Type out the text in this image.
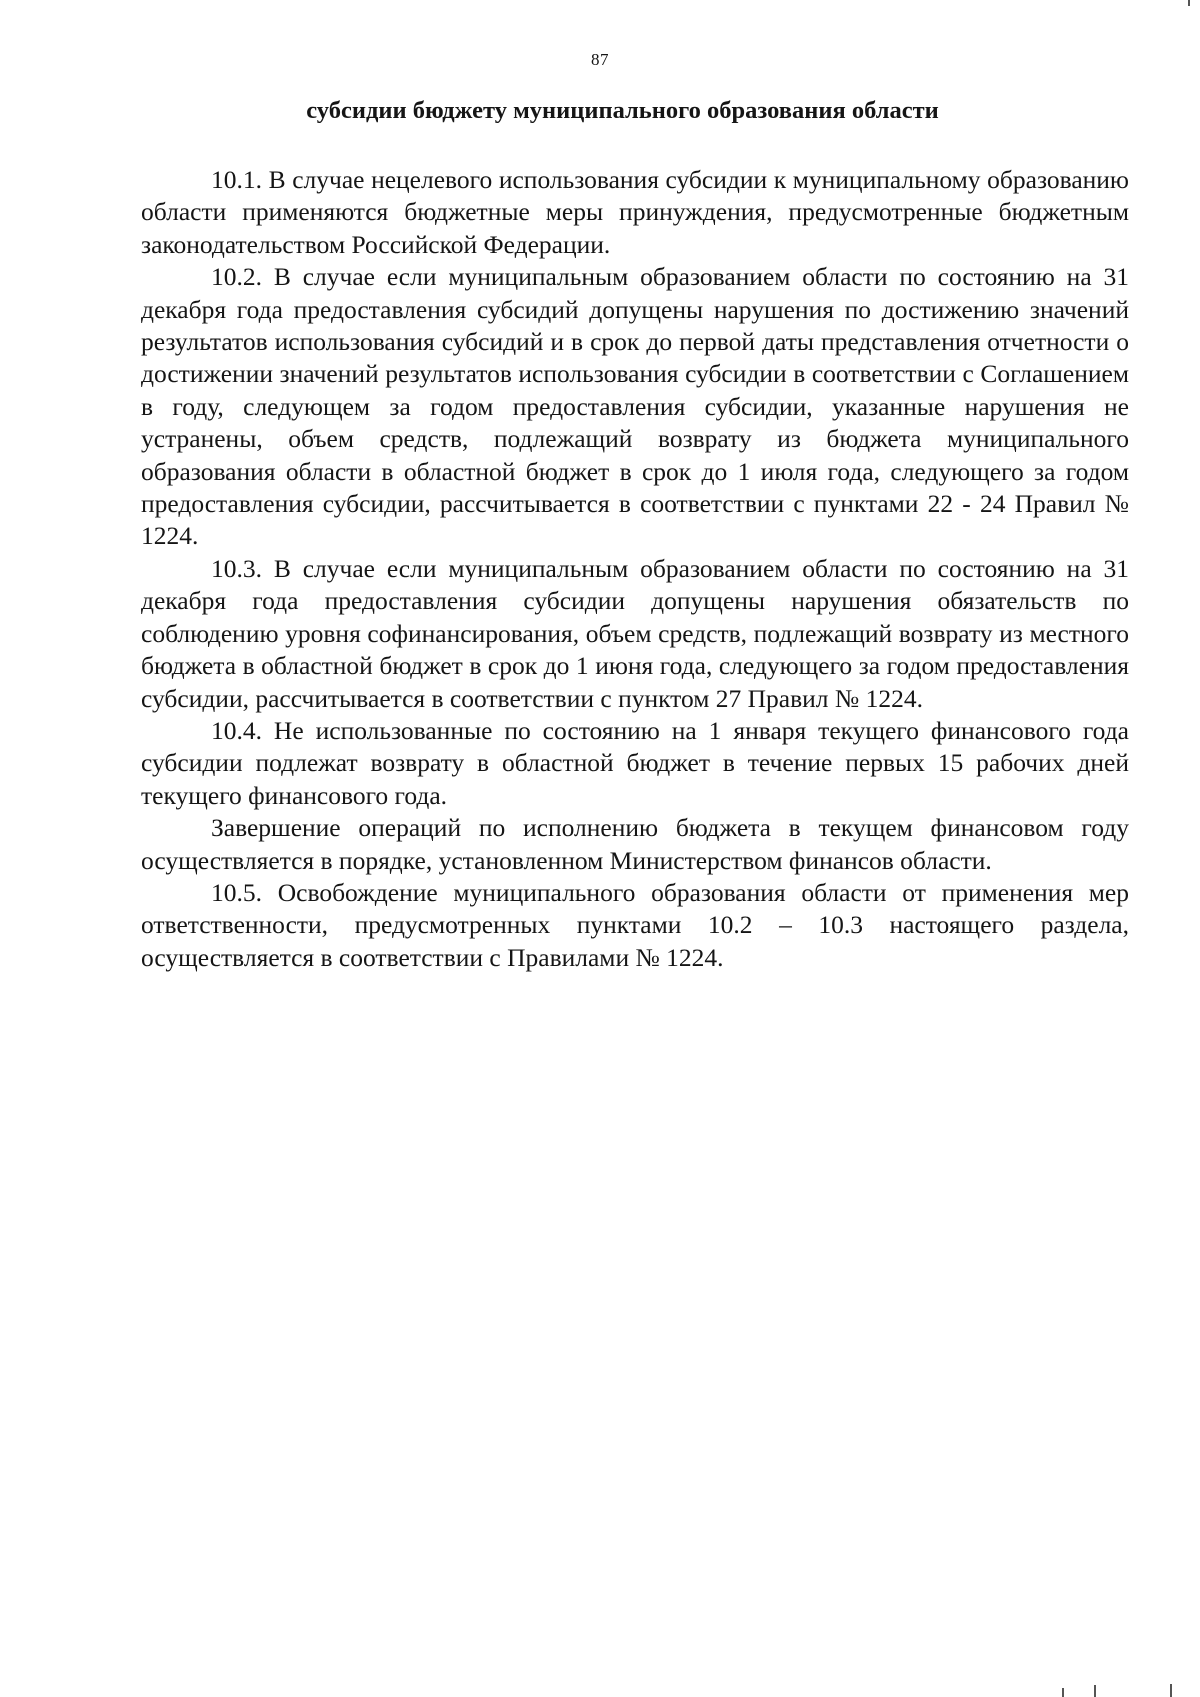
87
субсидии бюджету муниципального образования области

10.1. В случае нецелевого использования субсидии к муниципальному образованию области применяются бюджетные меры принуждения, предусмотренные бюджетным законодательством Российской Федерации.

10.2. В случае если муниципальным образованием области по состоянию на 31 декабря года предоставления субсидий допущены нарушения по достижению значений результатов использования субсидий и в срок до первой даты представления отчетности о достижении значений результатов использования субсидии в соответствии с Соглашением в году, следующем за годом предоставления субсидии, указанные нарушения не устранены, объем средств, подлежащий возврату из бюджета муниципального образования области в областной бюджет в срок до 1 июля года, следующего за годом предоставления субсидии, рассчитывается в соответствии с пунктами 22 - 24 Правил № 1224.

10.3. В случае если муниципальным образованием области по состоянию на 31 декабря года предоставления субсидии допущены нарушения обязательств по соблюдению уровня софинансирования, объем средств, подлежащий возврату из местного бюджета в областной бюджет в срок до 1 июня года, следующего за годом предоставления субсидии, рассчитывается в соответствии с пунктом 27 Правил № 1224.

10.4. Не использованные по состоянию на 1 января текущего финансового года субсидии подлежат возврату в областной бюджет в течение первых 15 рабочих дней текущего финансового года.

Завершение операций по исполнению бюджета в текущем финансовом году осуществляется в порядке, установленном Министерством финансов области.

10.5. Освобождение муниципального образования области от применения мер ответственности, предусмотренных пунктами 10.2 – 10.3 настоящего раздела, осуществляется в соответствии с Правилами № 1224.
